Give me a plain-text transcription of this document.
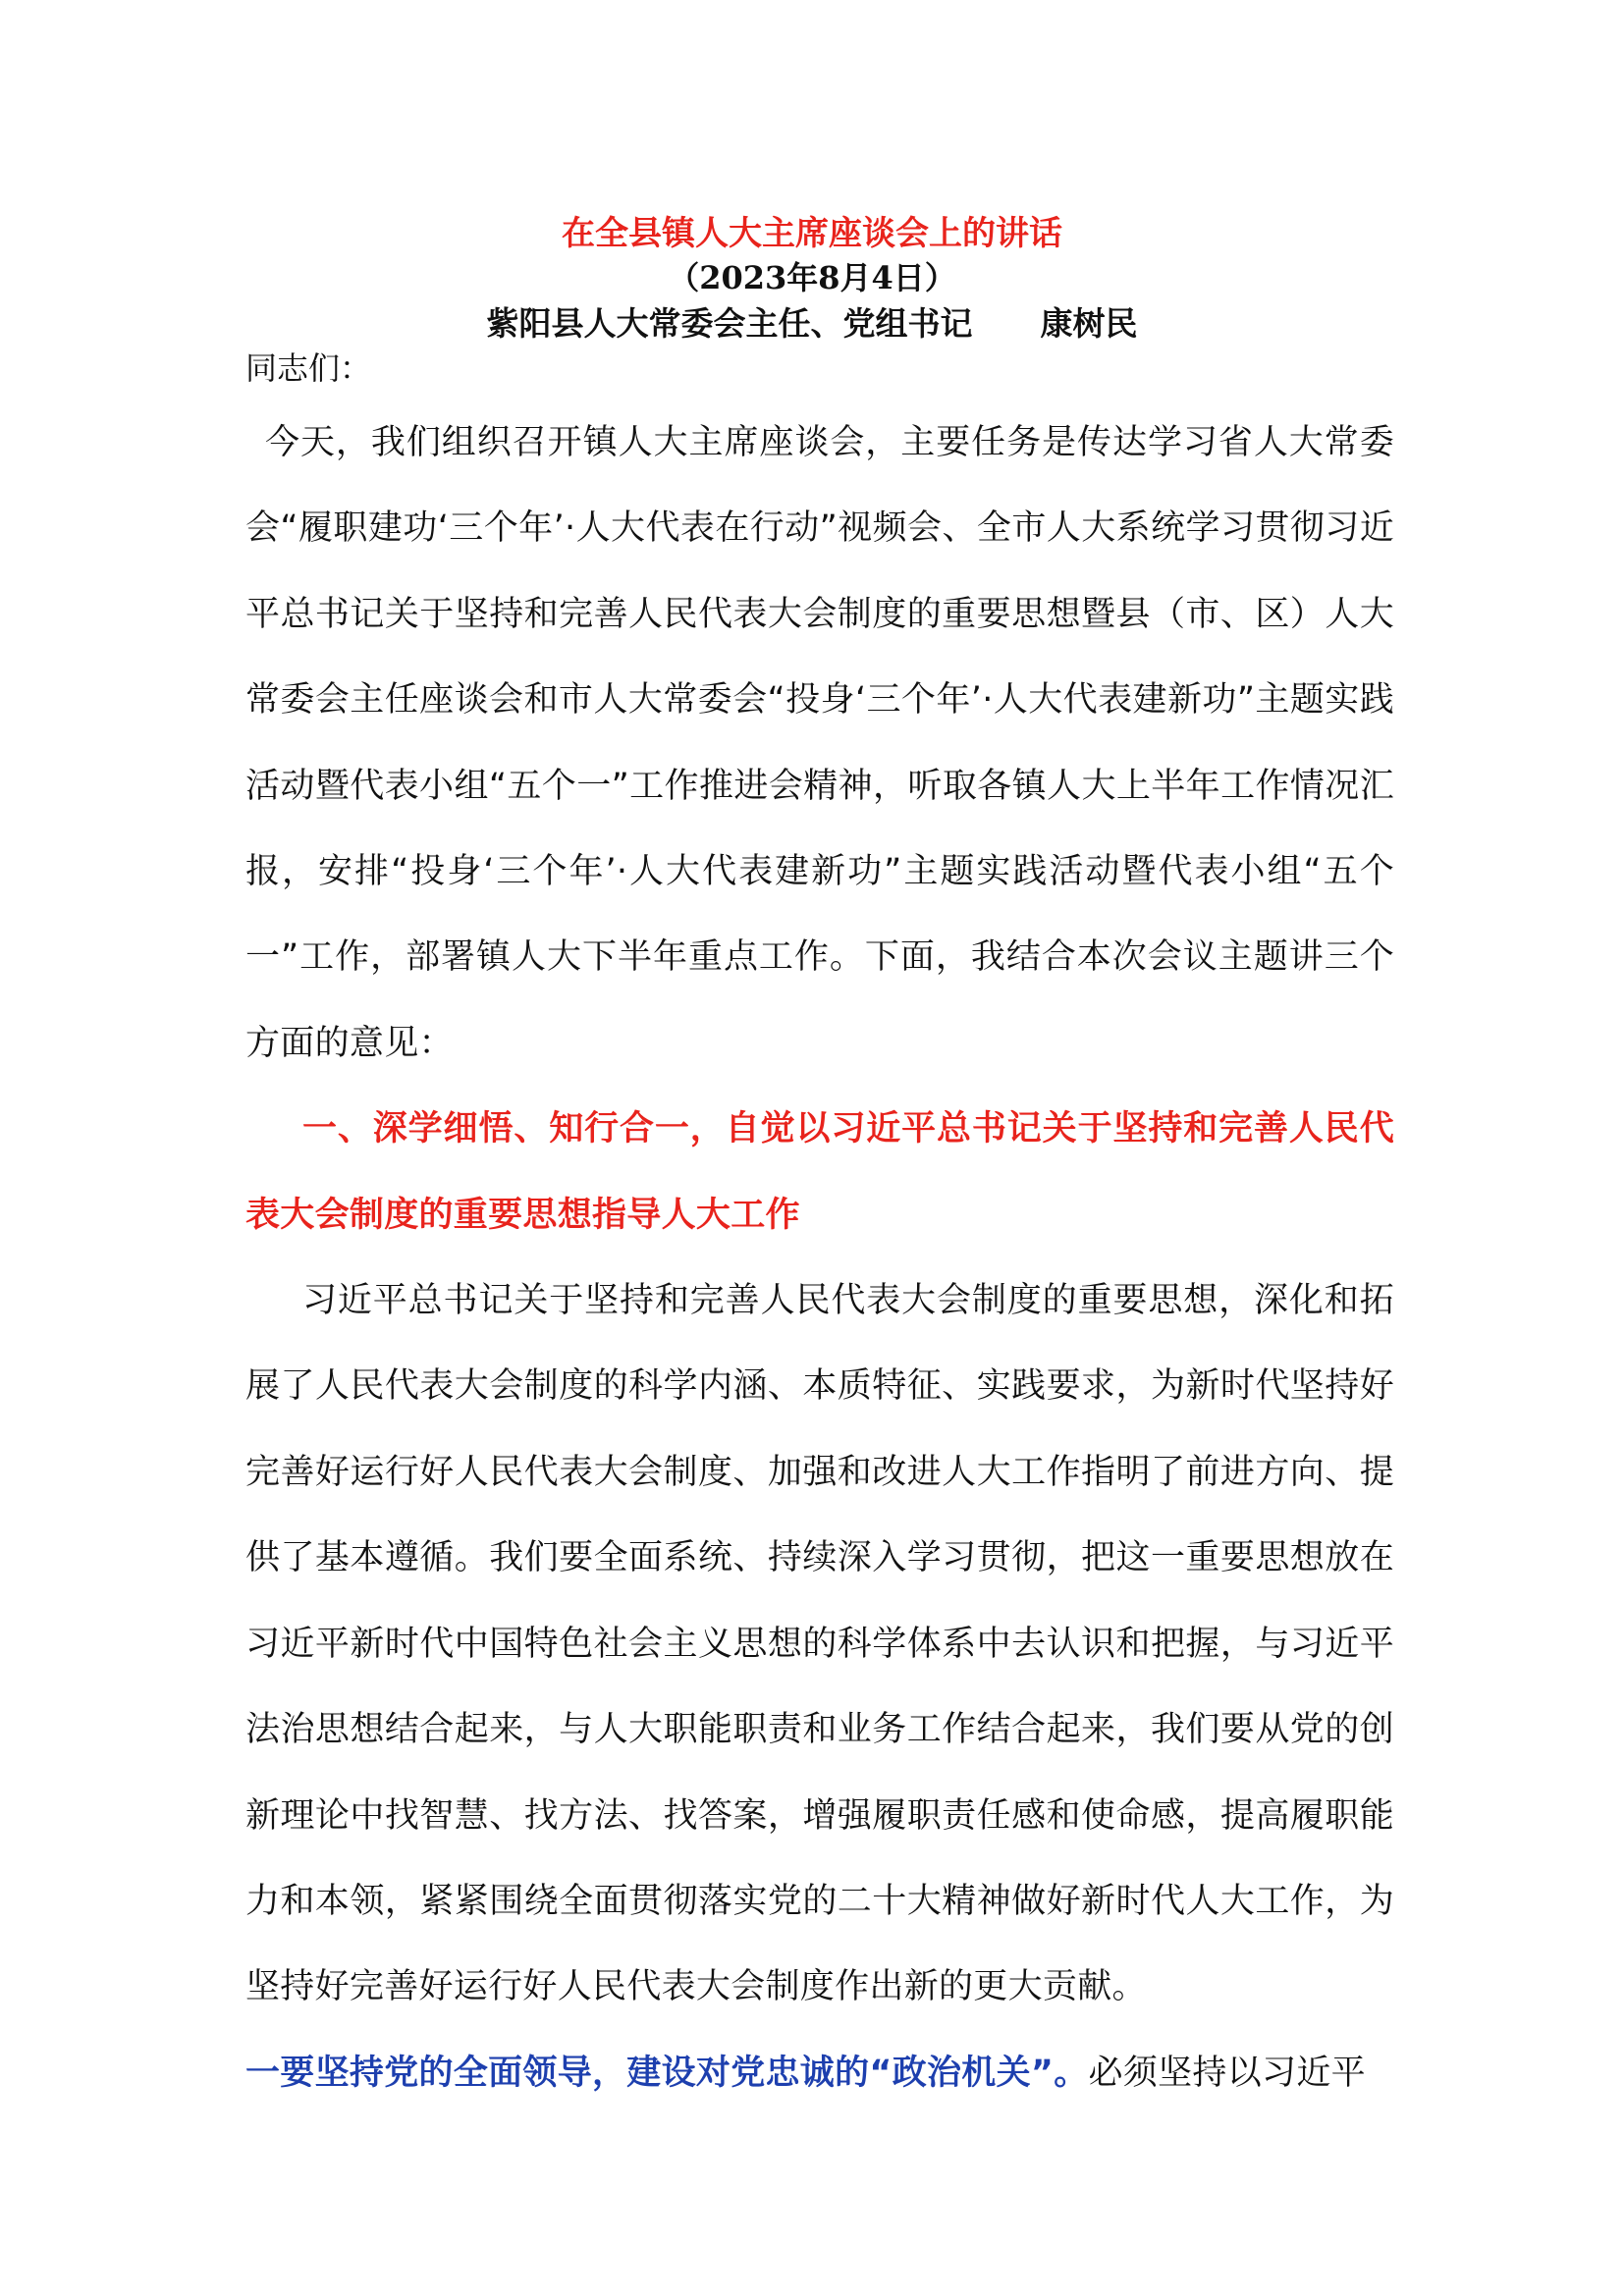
在全县镇人大主席座谈会上的讲话
（2023年8月4日）
紫阳县人大常委会主任、党组书记      康树民
同志们：

今天，我们组织召开镇人大主席座谈会，主要任务是传达学习省人大常委会“履职建功‘三个年’·人大代表在行动”视频会、全市人大系统学习贯彻习近平总书记关于坚持和完善人民代表大会制度的重要思想暨县（市、区）人大常委会主任座谈会和市人大常委会“投身‘三个年’·人大代表建新功”主题实践活动暨代表小组“五个一”工作推进会精神，听取各镇人大上半年工作情况汇报，安排“投身‘三个年’·人大代表建新功”主题实践活动暨代表小组“五个一”工作，部署镇人大下半年重点工作。下面，我结合本次会议主题讲三个方面的意见：

一、深学细悟、知行合一，自觉以习近平总书记关于坚持和完善人民代表大会制度的重要思想指导人大工作

习近平总书记关于坚持和完善人民代表大会制度的重要思想，深化和拓展了人民代表大会制度的科学内涵、本质特征、实践要求，为新时代坚持好完善好运行好人民代表大会制度、加强和改进人大工作指明了前进方向、提供了基本遵循。我们要全面系统、持续深入学习贯彻，把这一重要思想放在习近平新时代中国特色社会主义思想的科学体系中去认识和把握，与习近平法治思想结合起来，与人大职能职责和业务工作结合起来，我们要从党的创新理论中找智慧、找方法、找答案，增强履职责任感和使命感，提高履职能力和本领，紧紧围绕全面贯彻落实党的二十大精神做好新时代人大工作，为坚持好完善好运行好人民代表大会制度作出新的更大贡献。

一要坚持党的全面领导，建设对党忠诚的“政治机关”。必须坚持以习近平
